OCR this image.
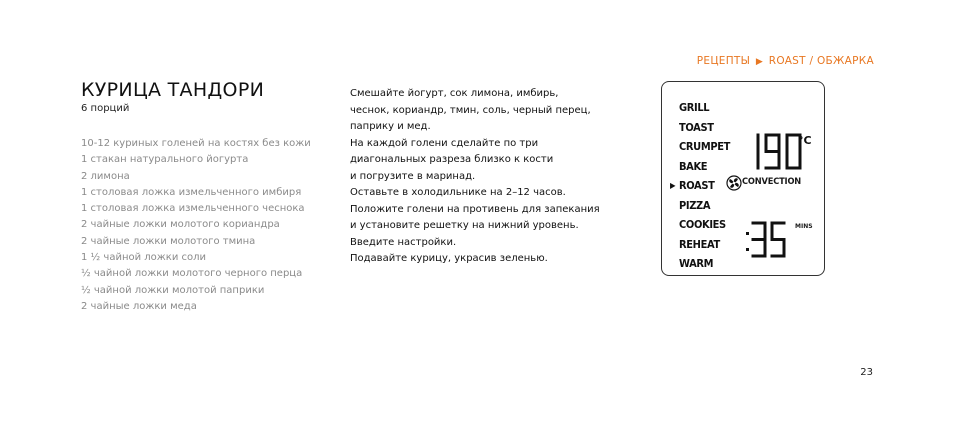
РЕЦЕПТЫ ▶ ROAST / ОБЖАРКА
КУРИЦА ТАНДОРИ
6 порций
10-12 куриных голеней на костях без кожи
1 стакан натурального йогурта
2 лимона
1 столовая ложка измельченного имбиря
1 столовая ложка измельченного чеснока
2 чайные ложки молотого кориандра
2 чайные ложки молотого тмина
1 ½ чайной ложки соли
½ чайной ложки молотого черного перца
½ чайной ложки молотой паприки
2 чайные ложки меда
Смешайте йогурт, сок лимона, имбирь,
чеснок, кориандр, тмин, соль, черный перец,
паприку и мед.
На каждой голени сделайте по три
диагональных разреза близко к кости
и погрузите в маринад.
Оставьте в холодильнике на 2–12 часов.
Положите голени на противень для запекания
и установите решетку на нижний уровень.
Введите настройки.
Подавайте курицу, украсив зеленью.
GRILL
TOAST
CRUMPET
BAKE
▶ ROAST
PIZZA
COOKIES
REHEAT
WARM
°C
CONVECTION
MINS
23
